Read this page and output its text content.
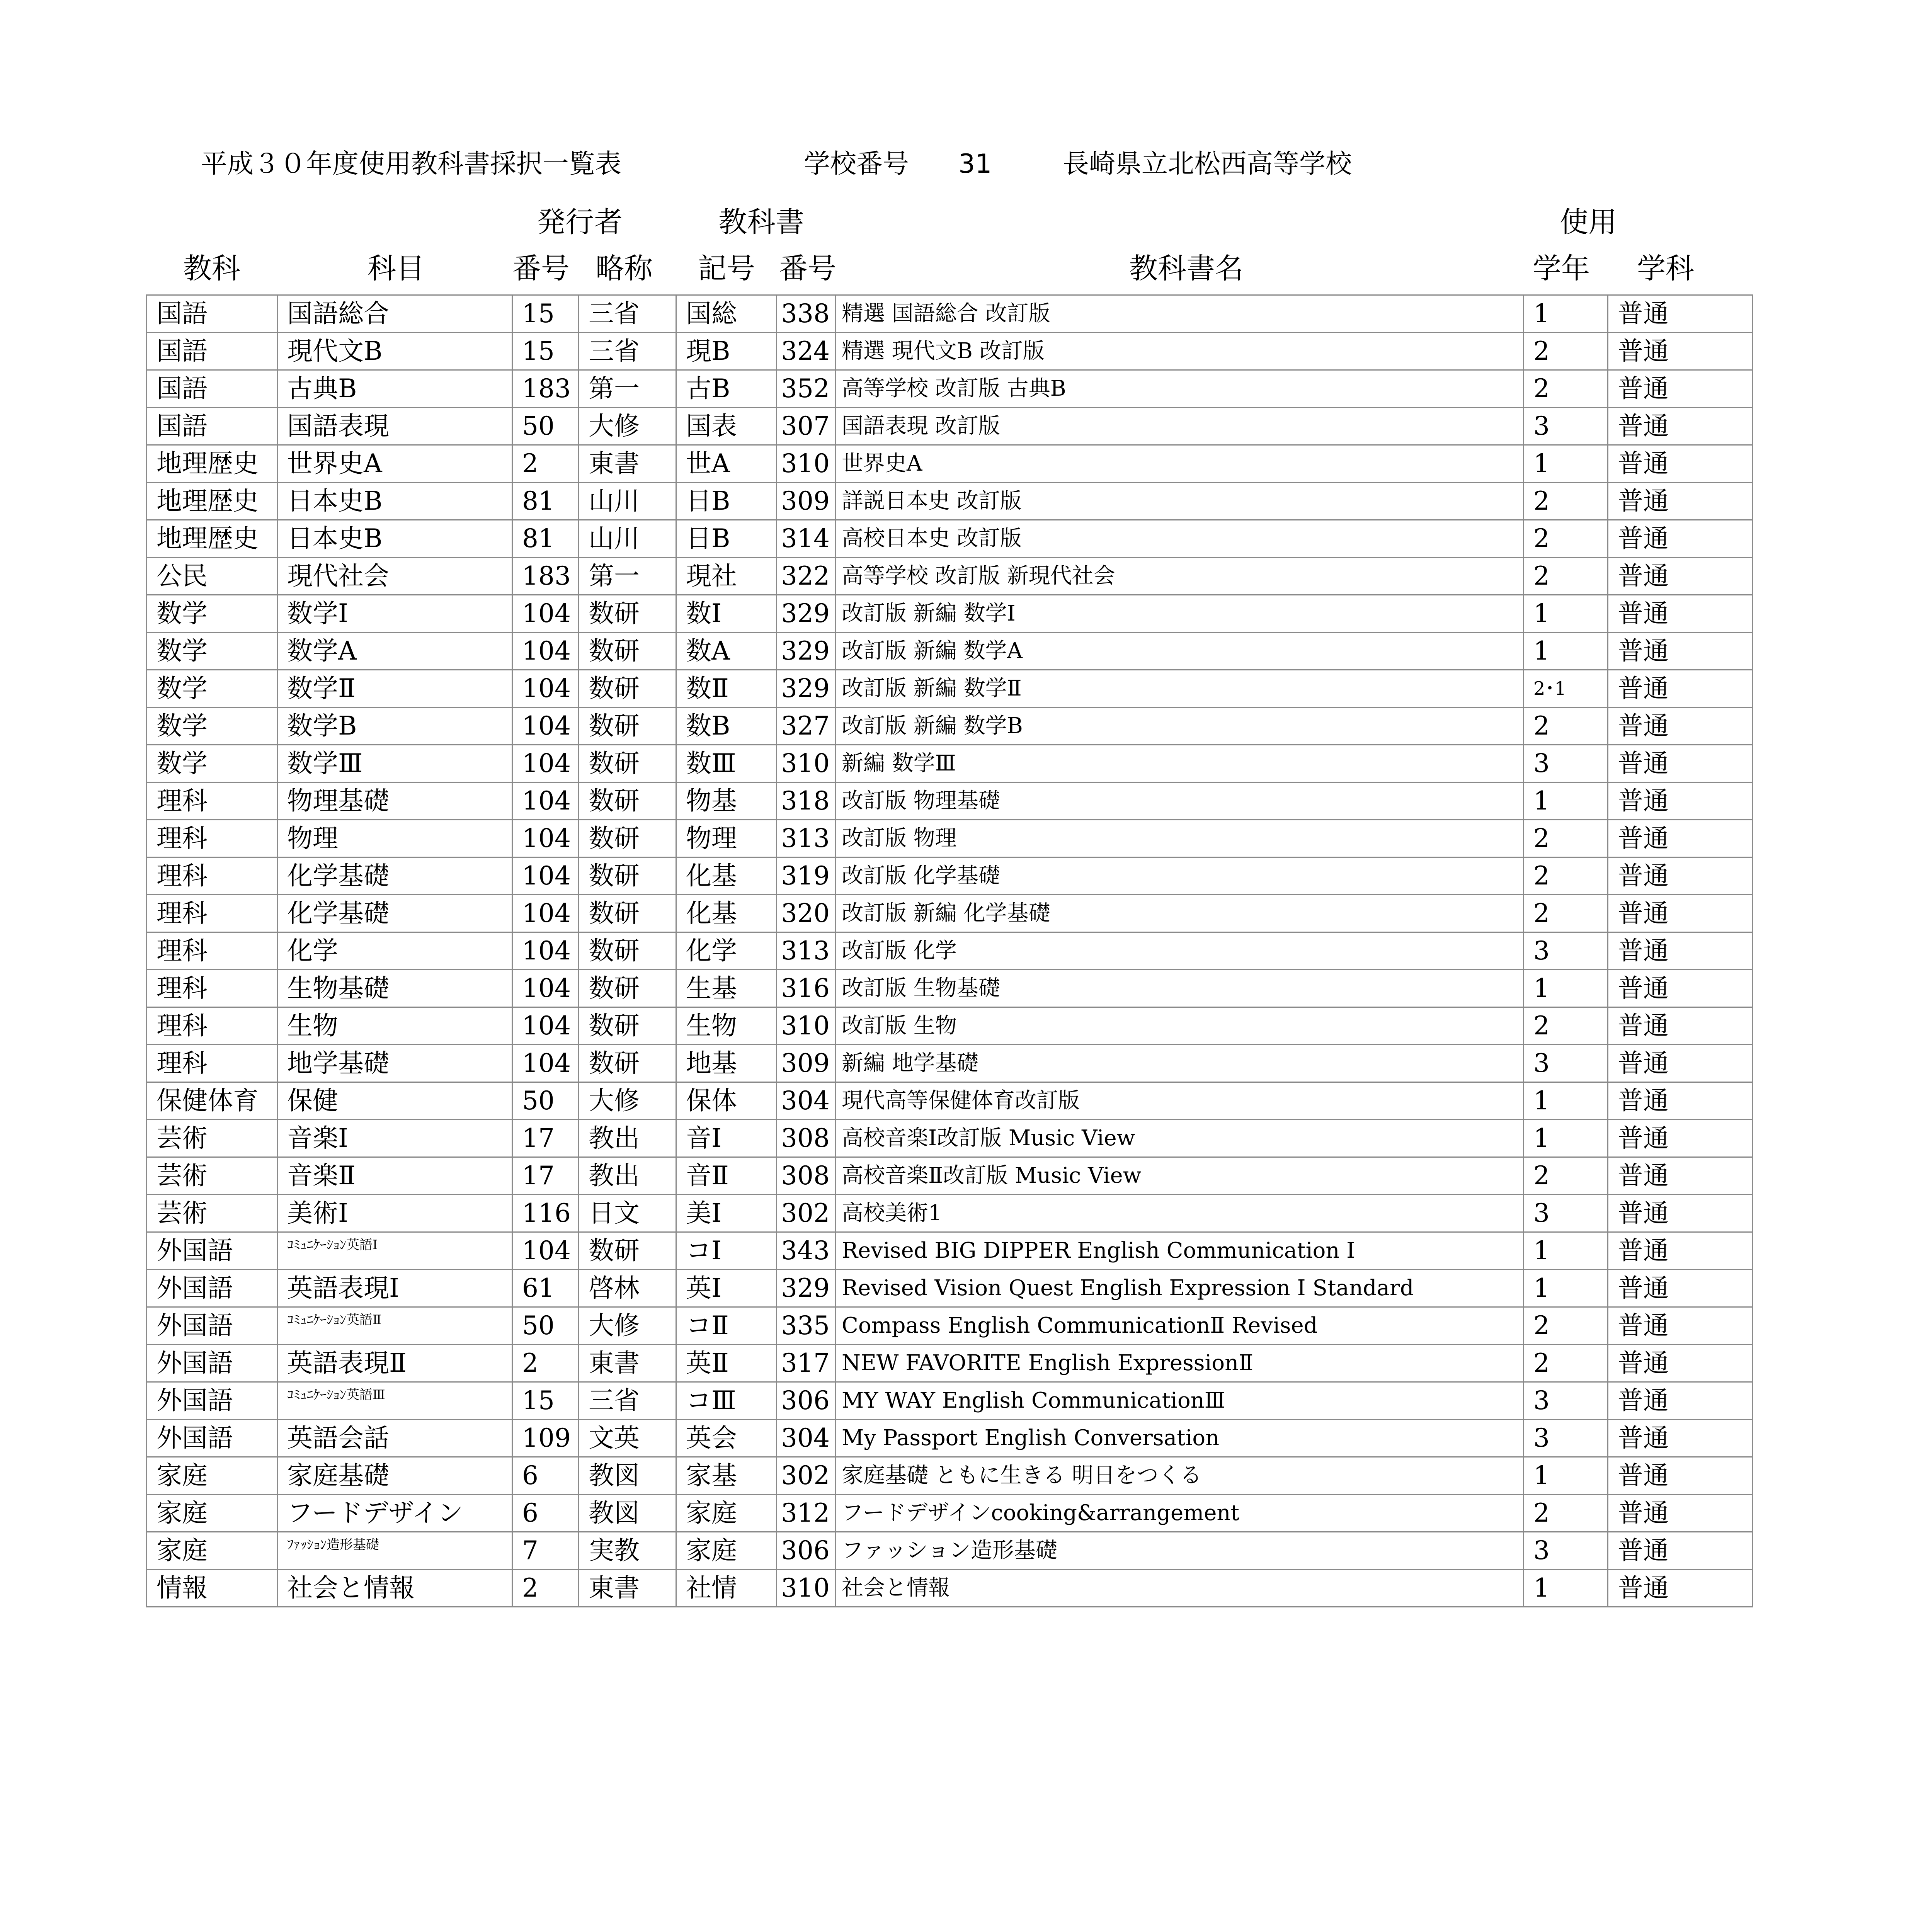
平成３０年度使用教科書採択一覧表	学校番号 31	長崎県立北松西高等学校
発行者	教科書	使用
教科	科目	番号 略称	記号 番号	教科書名	学年	学科
国語	国語総合	15	三省	国総	338	精選 国語総合 改訂版	1	普通
国語	現代文B	15	三省	現B	324	精選 現代文B 改訂版	2	普通
国語	古典B	183	第一	古B	352	高等学校 改訂版 古典B	2	普通
国語	国語表現	50	大修	国表	307	国語表現 改訂版	3	普通
地理歴史	世界史A	2	東書	世A	310	世界史A	1	普通
地理歴史	日本史B	81	山川	日B	309	詳説日本史 改訂版	2	普通
地理歴史	日本史B	81	山川	日B	314	高校日本史 改訂版	2	普通
公民	現代社会	183	第一	現社	322	高等学校 改訂版 新現代社会	2	普通
数学	数学Ⅰ	104	数研	数Ⅰ	329	改訂版 新編 数学Ⅰ	1	普通
数学	数学A	104	数研	数A	329	改訂版 新編 数学A	1	普通
数学	数学Ⅱ	104	数研	数Ⅱ	329	改訂版 新編 数学Ⅱ	2･1	普通
数学	数学B	104	数研	数B	327	改訂版 新編 数学B	2	普通
数学	数学Ⅲ	104	数研	数Ⅲ	310	新編 数学Ⅲ	3	普通
理科	物理基礎	104	数研	物基	318	改訂版 物理基礎	1	普通
理科	物理	104	数研	物理	313	改訂版 物理	2	普通
理科	化学基礎	104	数研	化基	319	改訂版 化学基礎	2	普通
理科	化学基礎	104	数研	化基	320	改訂版 新編 化学基礎	2	普通
理科	化学	104	数研	化学	313	改訂版 化学	3	普通
理科	生物基礎	104	数研	生基	316	改訂版 生物基礎	1	普通
理科	生物	104	数研	生物	310	改訂版 生物	2	普通
理科	地学基礎	104	数研	地基	309	新編 地学基礎	3	普通
保健体育	保健	50	大修	保体	304	現代高等保健体育改訂版	1	普通
芸術	音楽Ⅰ	17	教出	音Ⅰ	308	高校音楽Ⅰ改訂版 Music View	1	普通
芸術	音楽Ⅱ	17	教出	音Ⅱ	308	高校音楽Ⅱ改訂版 Music View	2	普通
芸術	美術Ⅰ	116	日文	美Ⅰ	302	高校美術1	3	普通
外国語	ｺﾐｭﾆｹｰｼｮﾝ英語Ⅰ	104	数研	コⅠ	343	Revised BIG DIPPER English Communication Ⅰ	1	普通
外国語	英語表現Ⅰ	61	啓林	英Ⅰ	329	Revised Vision Quest English Expression Ⅰ Standard	1	普通
外国語	ｺﾐｭﾆｹｰｼｮﾝ英語Ⅱ	50	大修	コⅡ	335	Compass English CommunicationⅡ Revised	2	普通
外国語	英語表現Ⅱ	2	東書	英Ⅱ	317	NEW FAVORITE English ExpressionⅡ	2	普通
外国語	ｺﾐｭﾆｹｰｼｮﾝ英語Ⅲ	15	三省	コⅢ	306	MY WAY English CommunicationⅢ	3	普通
外国語	英語会話	109	文英	英会	304	My Passport English Conversation	3	普通
家庭	家庭基礎	6	教図	家基	302	家庭基礎 ともに生きる 明日をつくる	1	普通
家庭	フードデザイン	6	教図	家庭	312	フードデザインcooking&arrangement	2	普通
家庭	ﾌｧｯｼｮﾝ造形基礎	7	実教	家庭	306	ファッション造形基礎	3	普通
情報	社会と情報	2	東書	社情	310	社会と情報	1	普通
